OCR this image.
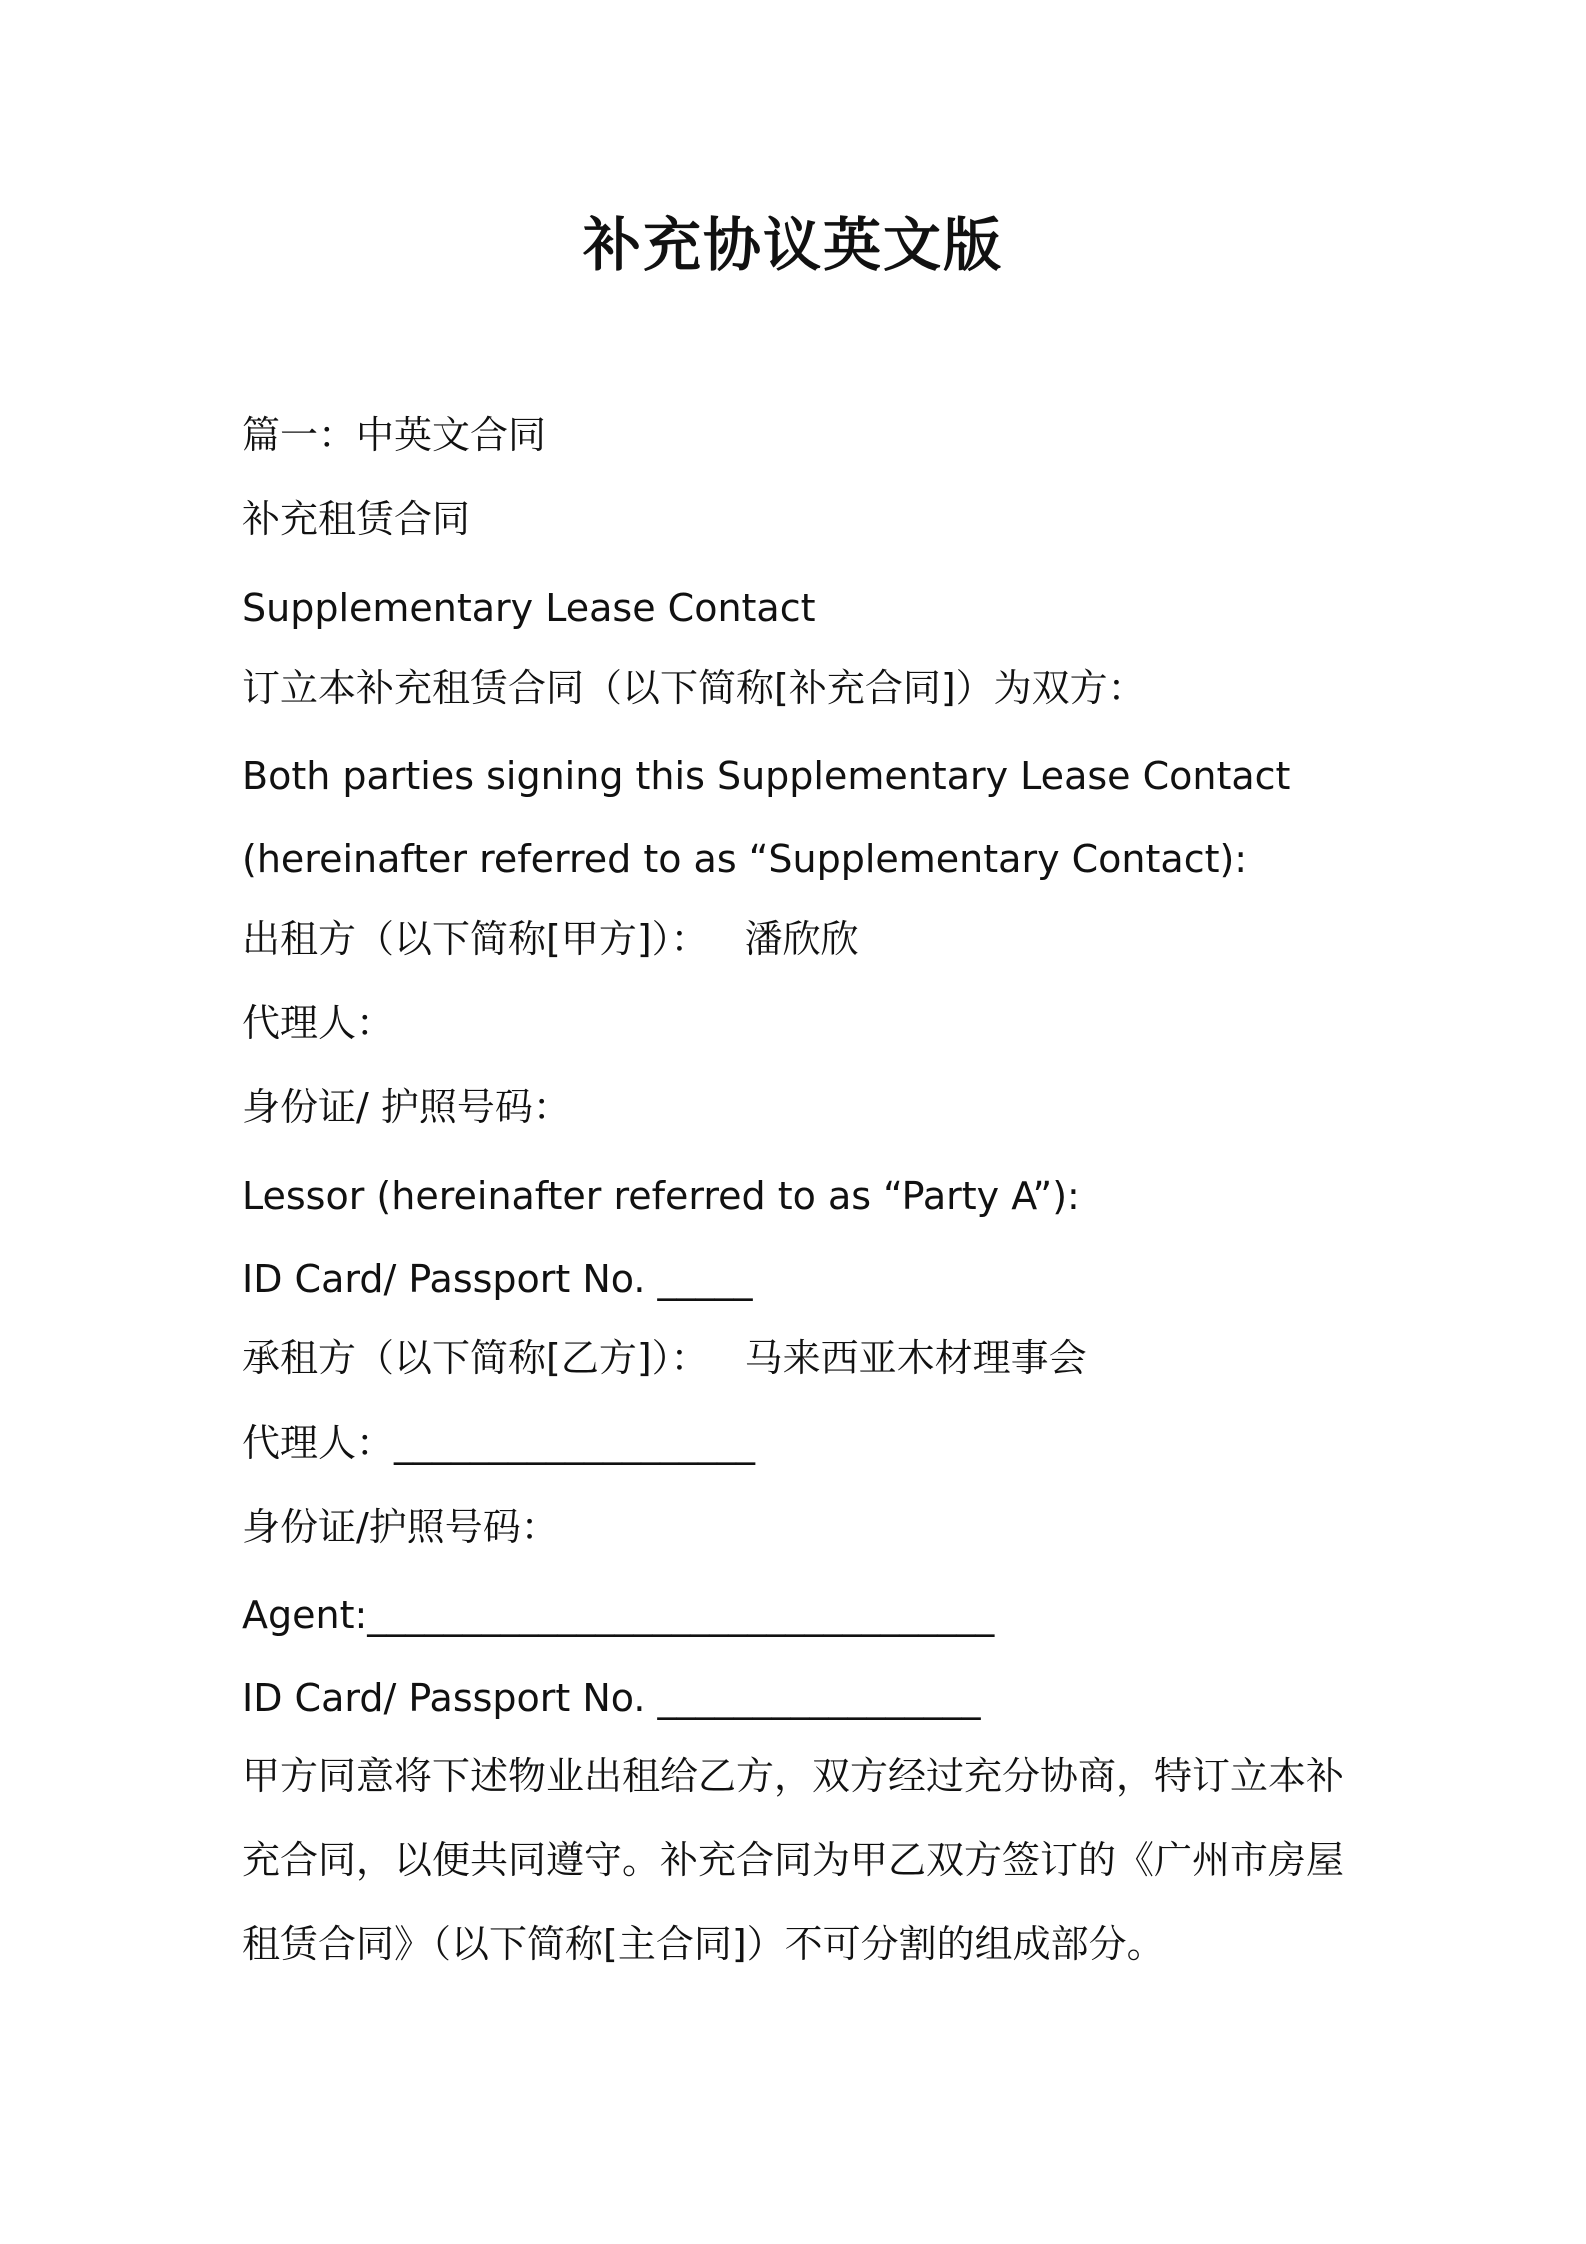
补充协议英文版
篇一：中英文合同
补充租赁合同
Supplementary Lease Contact
订立本补充租赁合同（以下简称[补充合同]）为双方：
Both parties signing this Supplementary Lease Contact
(hereinafter referred to as “Supplementary Contact):
出租方（以下简称[甲方]）： 潘欣欣
代理人：
身份证/ 护照号码：
Lessor (hereinafter referred to as “Party A”):
ID Card/ Passport No. _____
承租方（以下简称[乙方]）： 马来西亚木材理事会
代理人：___________________
身份证/护照号码：
Agent:_________________________________
ID Card/ Passport No. _________________
甲方同意将下述物业出租给乙方，双方经过充分协商，特订立本补充合同，以便共同遵守。补充合同为甲乙双方签订的《广州市房屋租赁合同》（以下简称[主合同]）不可分割的组成部分。
